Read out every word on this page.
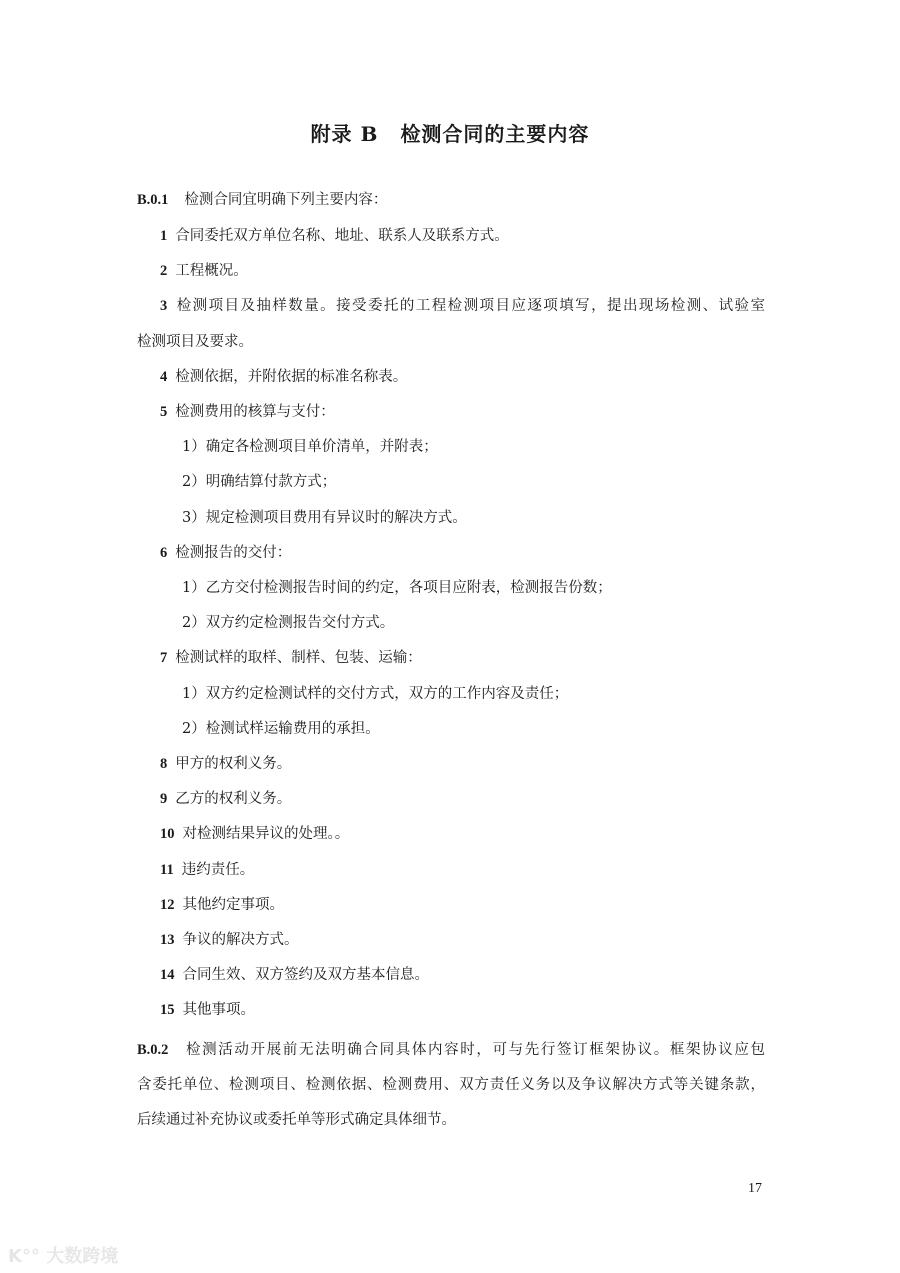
附录 B 检测合同的主要内容
B.0.1 检测合同宜明确下列主要内容：
1 合同委托双方单位名称、地址、联系人及联系方式。
2 工程概况。
3 检测项目及抽样数量。接受委托的工程检测项目应逐项填写，提出现场检测、试验室
检测项目及要求。
4 检测依据，并附依据的标准名称表。
5 检测费用的核算与支付：
1）确定各检测项目单价清单，并附表；
2）明确结算付款方式；
3）规定检测项目费用有异议时的解决方式。
6 检测报告的交付：
1）乙方交付检测报告时间的约定，各项目应附表，检测报告份数；
2）双方约定检测报告交付方式。
7 检测试样的取样、制样、包装、运输：
1）双方约定检测试样的交付方式，双方的工作内容及责任；
2）检测试样运输费用的承担。
8 甲方的权利义务。
9 乙方的权利义务。
10 对检测结果异议的处理。。
11 违约责任。
12 其他约定事项。
13 争议的解决方式。
14 合同生效、双方签约及双方基本信息。
15 其他事项。
B.0.2 检测活动开展前无法明确合同具体内容时，可与先行签订框架协议。框架协议应包
含委托单位、检测项目、检测依据、检测费用、双方责任义务以及争议解决方式等关键条款，
后续通过补充协议或委托单等形式确定具体细节。
17
K°° 大数跨境
